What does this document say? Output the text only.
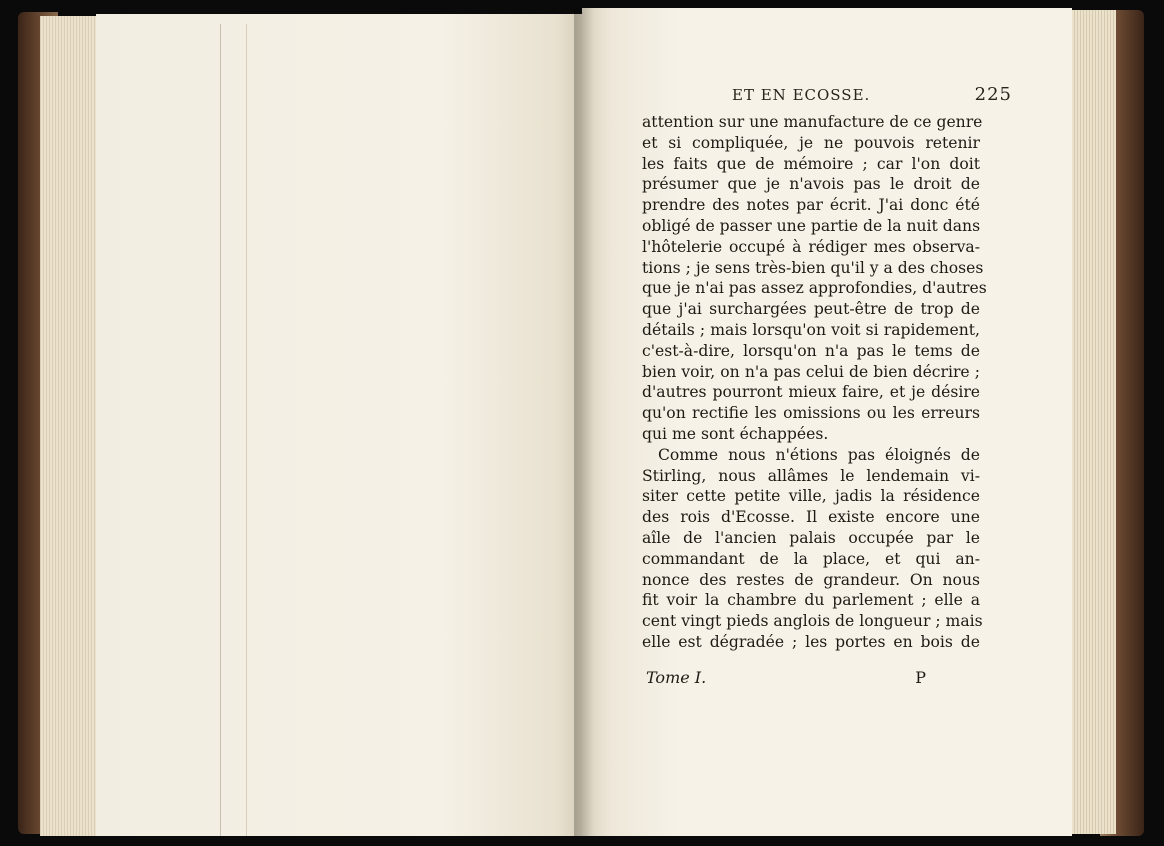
ET EN ECOSSE.	225
attention sur une manufacture de ce genre
et si compliquée, je ne pouvois retenir
les faits que de mémoire ; car l'on doit
présumer que je n'avois pas le droit de
prendre des notes par écrit. J'ai donc été
obligé de passer une partie de la nuit dans
l'hôtelerie occupé à rédiger mes observa-
tions ; je sens très-bien qu'il y a des choses
que je n'ai pas assez approfondies, d'autres
que j'ai surchargées peut-être de trop de
détails ; mais lorsqu'on voit si rapidement,
c'est-à-dire, lorsqu'on n'a pas le tems de
bien voir, on n'a pas celui de bien décrire ;
d'autres pourront mieux faire, et je désire
qu'on rectifie les omissions ou les erreurs
qui me sont échappées.
Comme nous n'étions pas éloignés de
Stirling, nous allâmes le lendemain vi-
siter cette petite ville, jadis la résidence
des rois d'Ecosse. Il existe encore une
aîle de l'ancien palais occupée par le
commandant de la place, et qui an-
nonce des restes de grandeur. On nous
fit voir la chambre du parlement ; elle a
cent vingt pieds anglois de longueur ; mais
elle est dégradée ; les portes en bois de
Tome I.	P
